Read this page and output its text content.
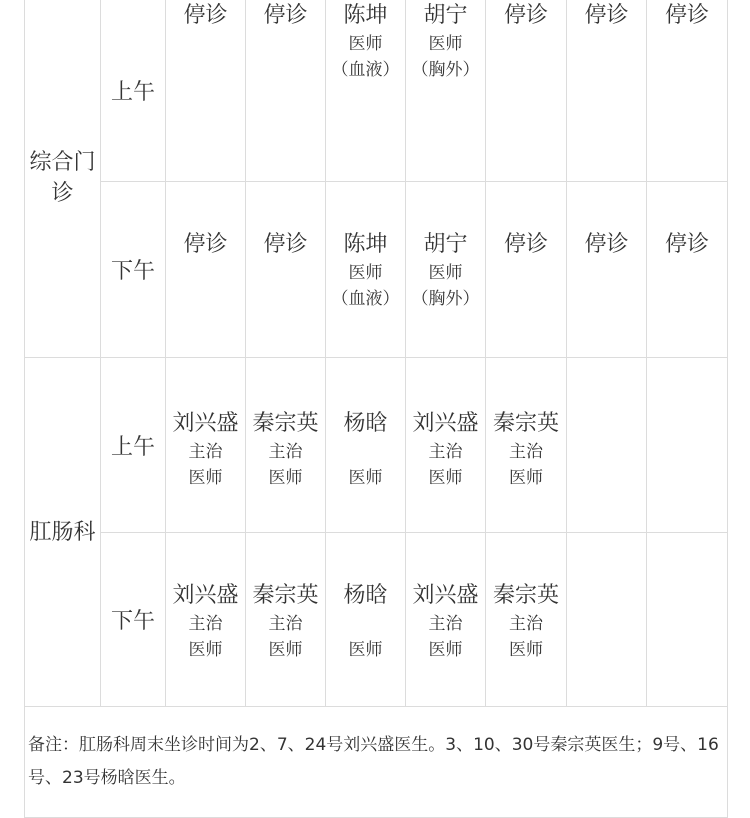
综合门诊	上午	停诊	停诊	陈坤
医师
（血液）	胡宁
医师
（胸外）	停诊	停诊	停诊

	下午	停诊	停诊	陈坤
医师
（血液）	胡宁
医师
（胸外）	停诊	停诊	停诊

肛肠科	上午	刘兴盛
主治
医师	秦宗英
主治
医师	杨晗
医师	刘兴盛
主治
医师	秦宗英
主治
医师		

	下午	刘兴盛
主治
医师	秦宗英
主治
医师	杨晗
医师	刘兴盛
主治
医师	秦宗英
主治
医师		

备注：肛肠科周末坐诊时间为2、7、24号刘兴盛医生。3、10、30号秦宗英医生；9号、16号、23号杨晗医生。								
